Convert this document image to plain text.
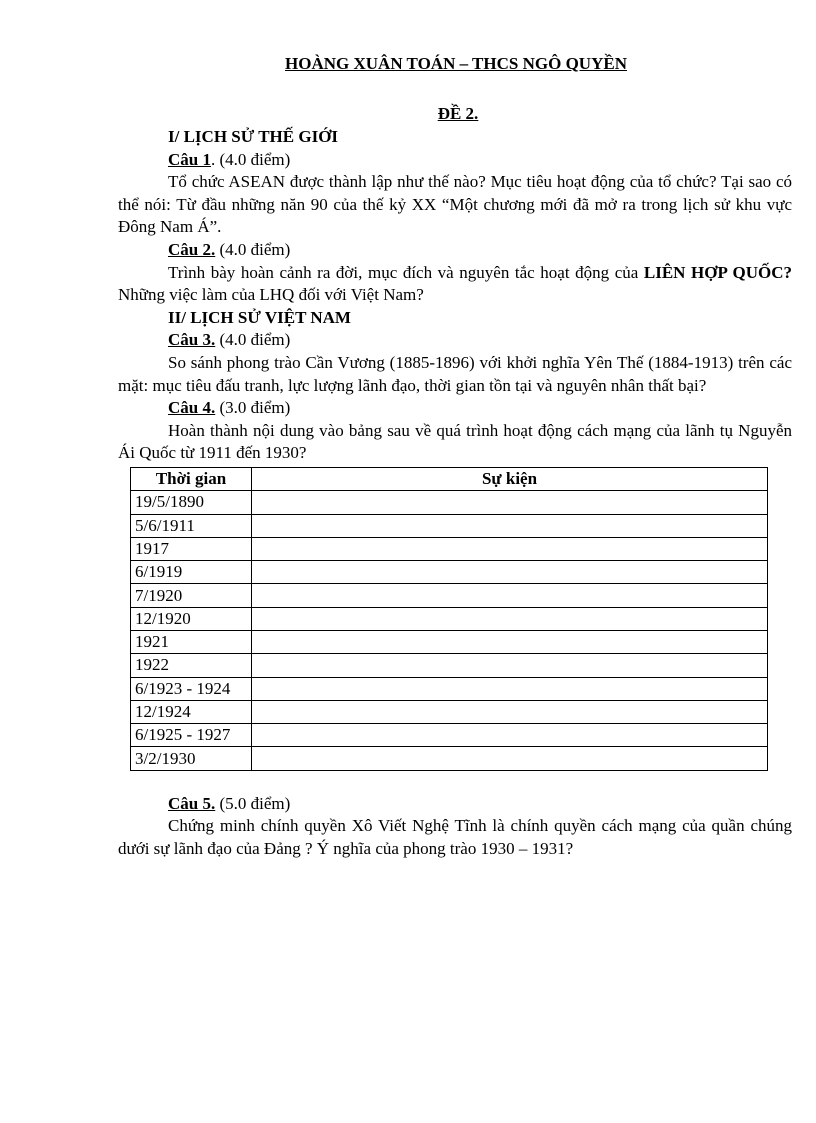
HOÀNG XUÂN TOÁN – THCS NGÔ QUYỀN
ĐỀ 2.
I/ LỊCH SỬ THẾ GIỚI
Câu 1. (4.0 điểm)
Tổ chức ASEAN được thành lập như thế nào? Mục tiêu hoạt động của tổ chức? Tại sao có thể nói: Từ đầu những năn 90 của thế kỷ XX “Một chương mới đã mở ra trong lịch sử khu vực Đông Nam Á”.
Câu 2. (4.0 điểm)
Trình bày hoàn cảnh ra đời, mục đích và nguyên tắc hoạt động của LIÊN HỢP QUỐC? Những việc làm của LHQ đối với Việt Nam?
II/ LỊCH SỬ VIỆT NAM
Câu 3. (4.0 điểm)
So sánh phong trào Cần Vương (1885-1896) với khởi nghĩa Yên Thế (1884-1913) trên các mặt: mục tiêu đấu tranh, lực lượng lãnh đạo, thời gian tồn tại và nguyên nhân thất bại?
Câu 4. (3.0 điểm)
Hoàn thành nội dung vào bảng sau về quá trình hoạt động cách mạng của lãnh tụ Nguyễn Ái Quốc từ 1911 đến 1930?
Thời gian	Sự kiện
19/5/1890	
5/6/1911	
1917	
6/1919	
7/1920	
12/1920	
1921	
1922	
6/1923 - 1924	
12/1924	
6/1925 - 1927	
3/2/1930	
Câu 5. (5.0 điểm)
Chứng minh chính quyền Xô Viết Nghệ Tĩnh là chính quyền cách mạng của quần chúng dưới sự lãnh đạo của Đảng ? Ý nghĩa của phong trào 1930 – 1931?
